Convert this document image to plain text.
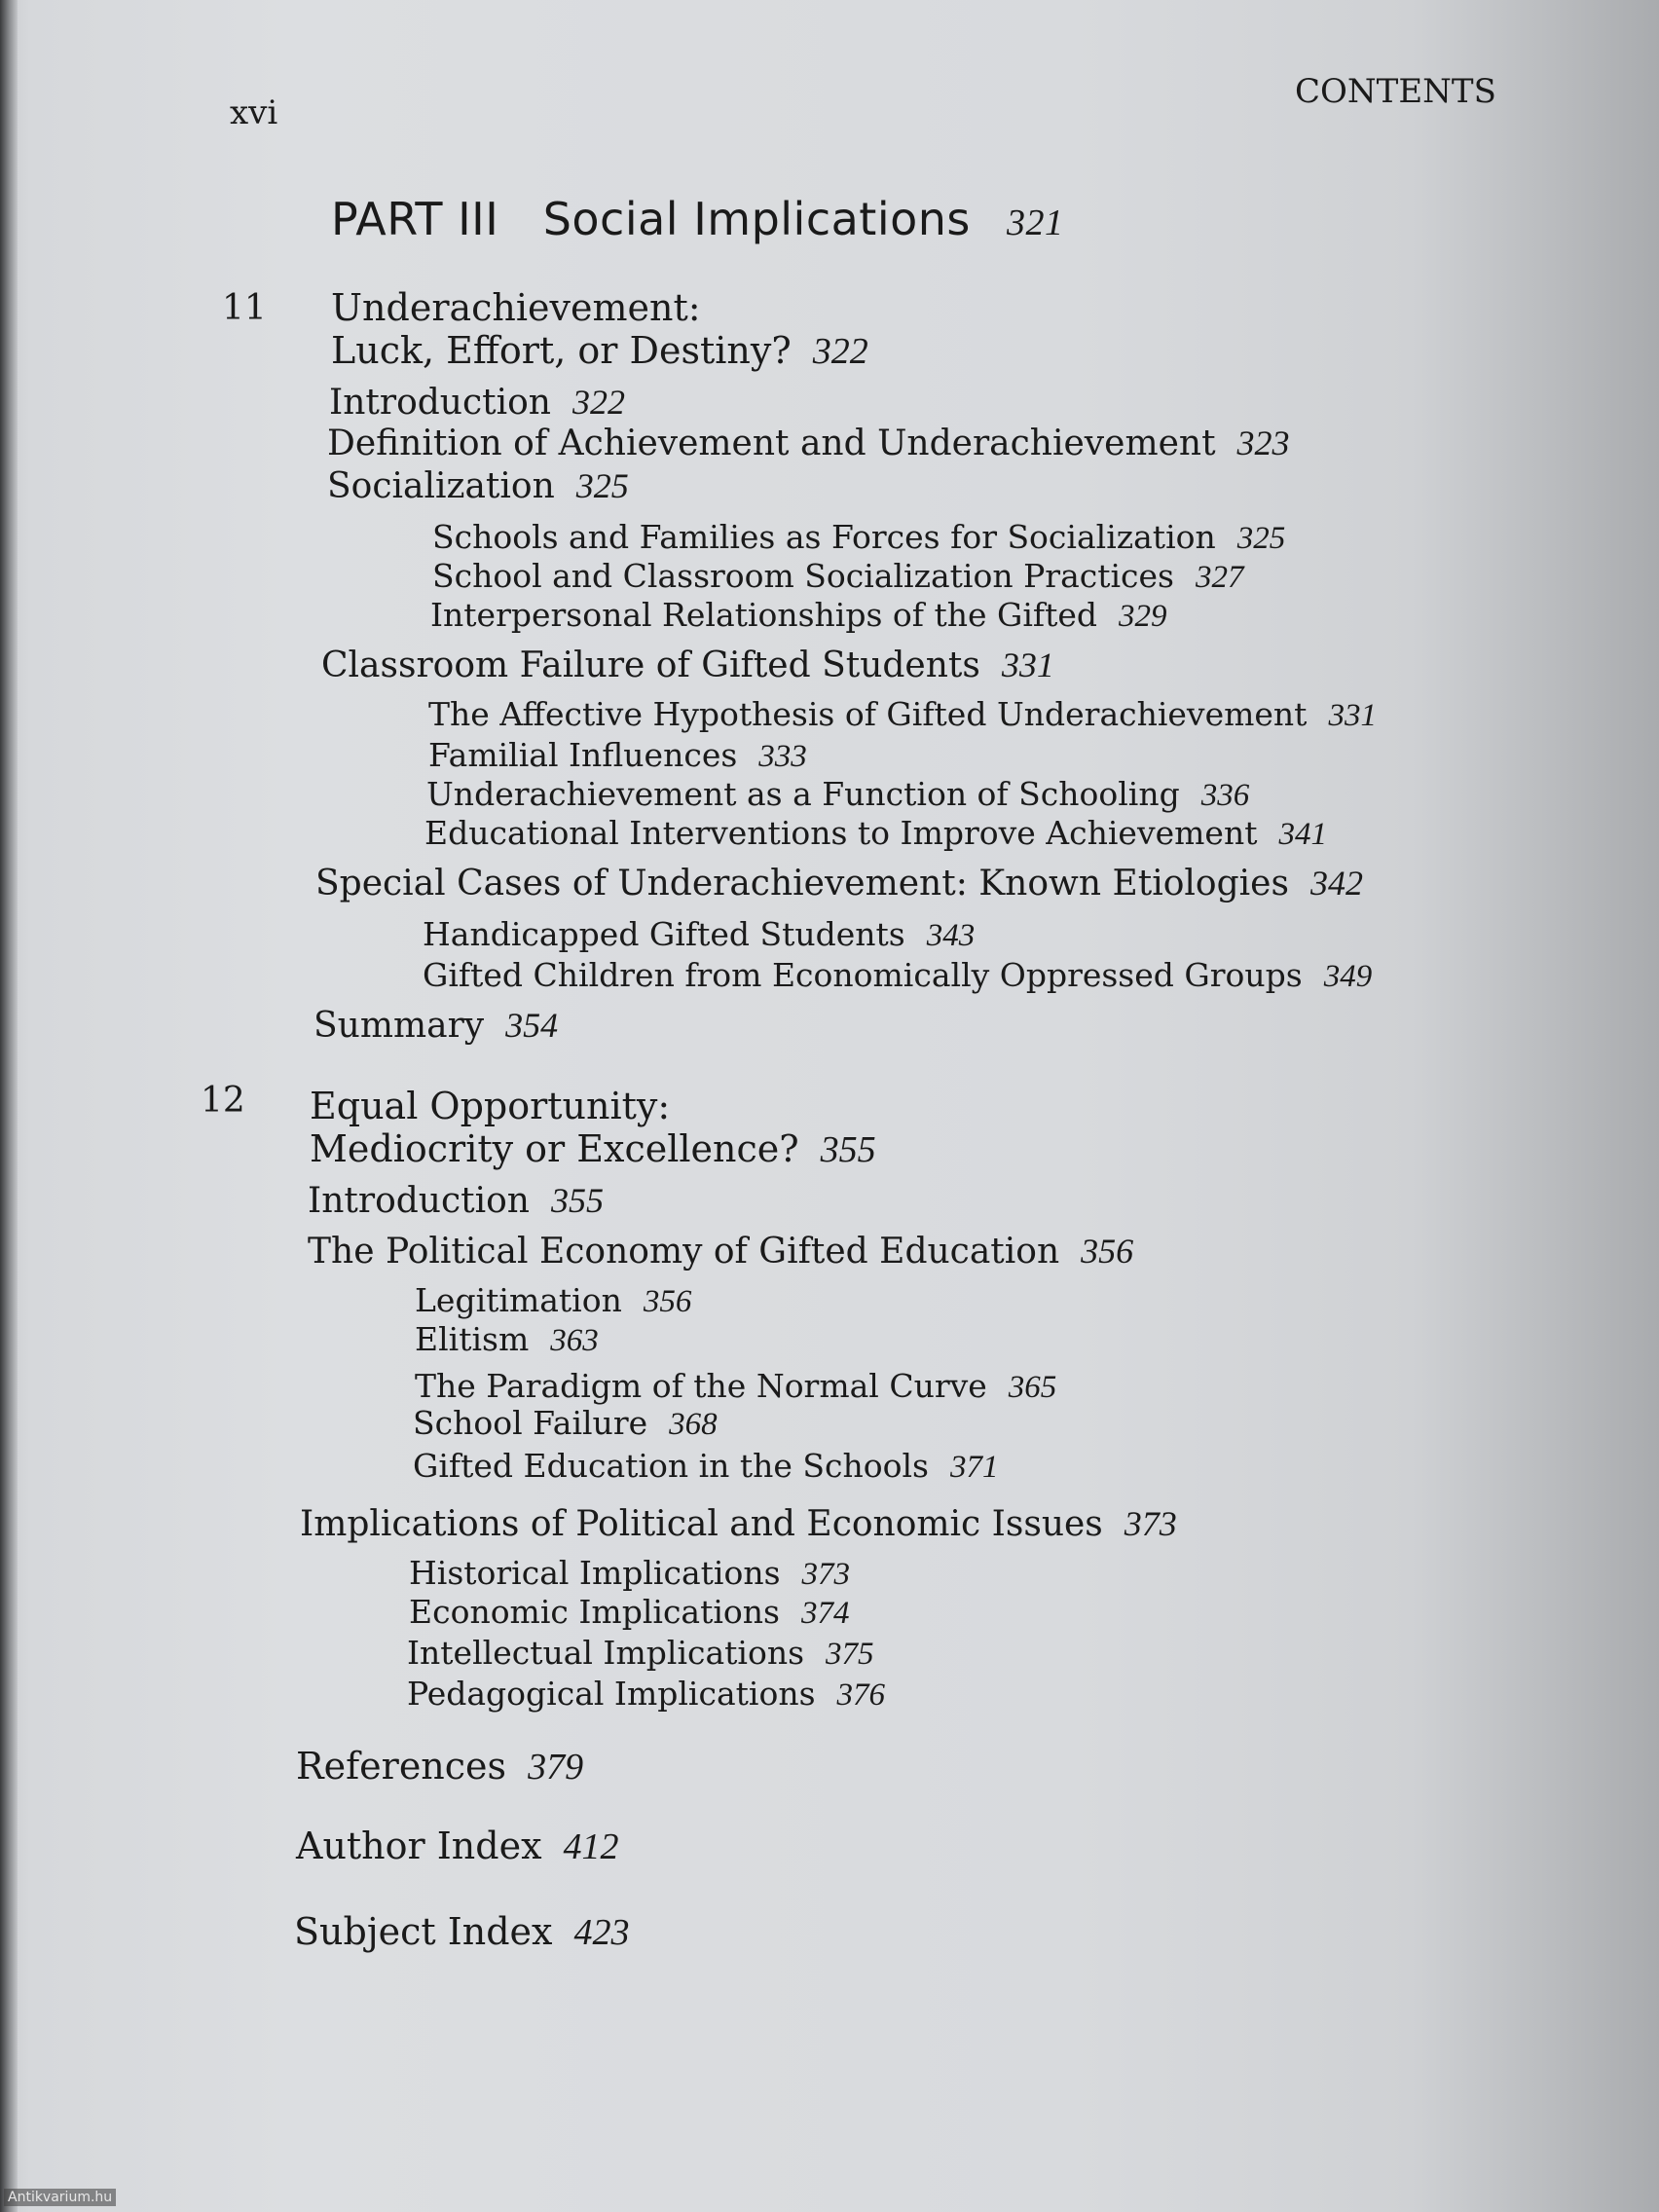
xvi
CONTENTS
PART III Social Implications 321
11 Underachievement:
Luck, Effort, or Destiny? 322
Introduction 322
Definition of Achievement and Underachievement 323
Socialization 325
Schools and Families as Forces for Socialization 325
School and Classroom Socialization Practices 327
Interpersonal Relationships of the Gifted 329
Classroom Failure of Gifted Students 331
The Affective Hypothesis of Gifted Underachievement 331
Familial Influences 333
Underachievement as a Function of Schooling 336
Educational Interventions to Improve Achievement 341
Special Cases of Underachievement: Known Etiologies 342
Handicapped Gifted Students 343
Gifted Children from Economically Oppressed Groups 349
Summary 354
12 Equal Opportunity:
Mediocrity or Excellence? 355
Introduction 355
The Political Economy of Gifted Education 356
Legitimation 356
Elitism 363
The Paradigm of the Normal Curve 365
School Failure 368
Gifted Education in the Schools 371
Implications of Political and Economic Issues 373
Historical Implications 373
Economic Implications 374
Intellectual Implications 375
Pedagogical Implications 376
References 379
Author Index 412
Subject Index 423
Antikvarium.hu
